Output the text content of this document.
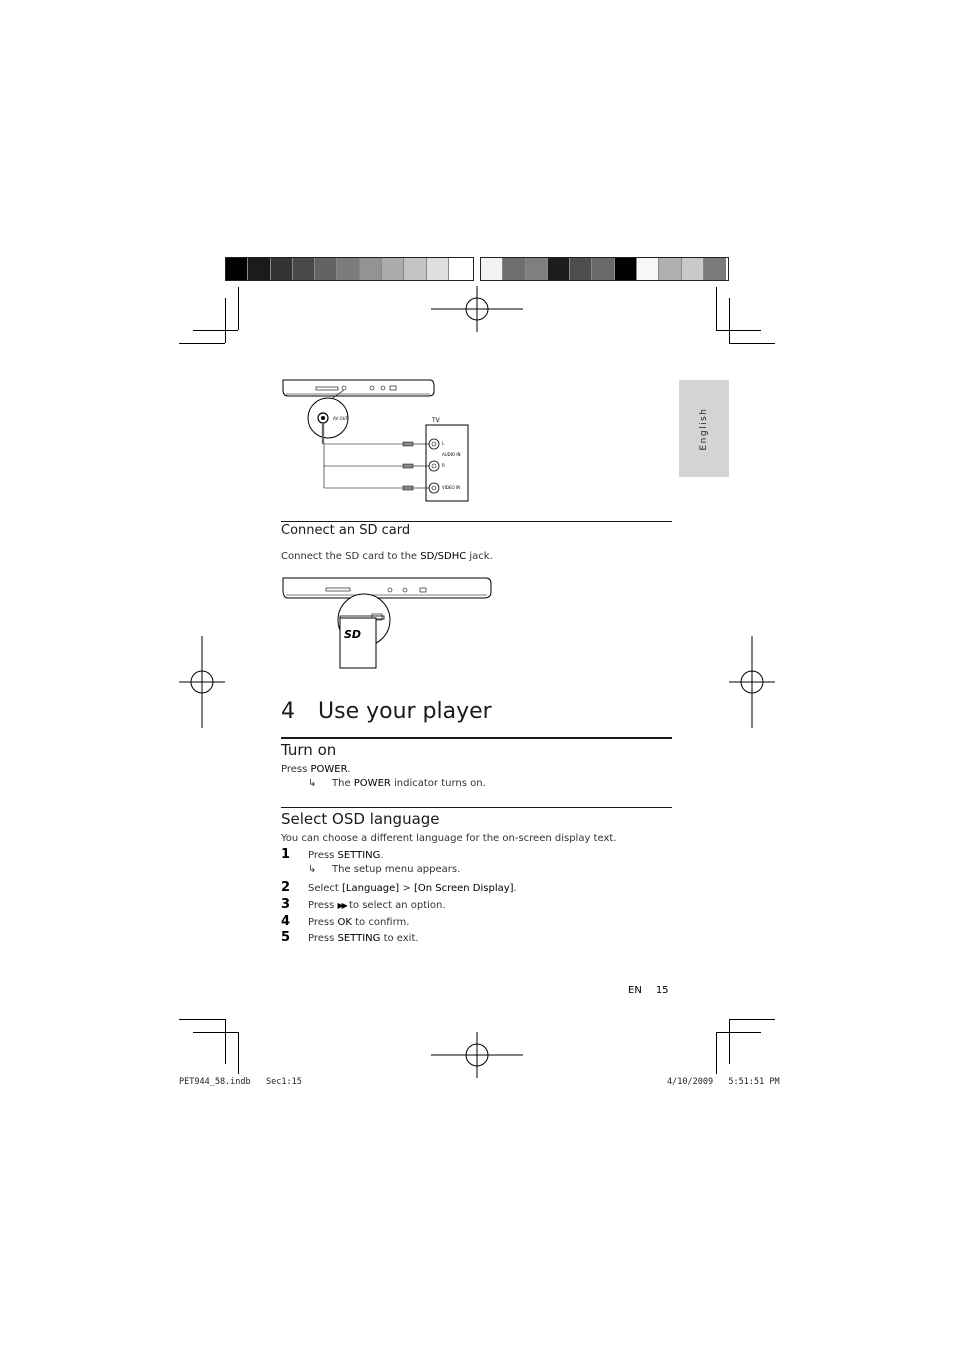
English
AV OUT	TV
L
AUDIO IN
R
VIDEO IN
Connect an SD card
Connect the SD card to the SD/SDHC jack.
SD
4 Use your player
Turn on
Press POWER.
↳ The POWER indicator turns on.
Select OSD language
You can choose a different language for the on-screen display text.
1 Press SETTING.
↳ The setup menu appears.
2 Select [Language] > [On Screen Display].
3 Press ▶▶ to select an option.
4 Press OK to confirm.
5 Press SETTING to exit.
EN 15
PET944_58.indb   Sec1:15	4/10/2009   5:51:51 PM
